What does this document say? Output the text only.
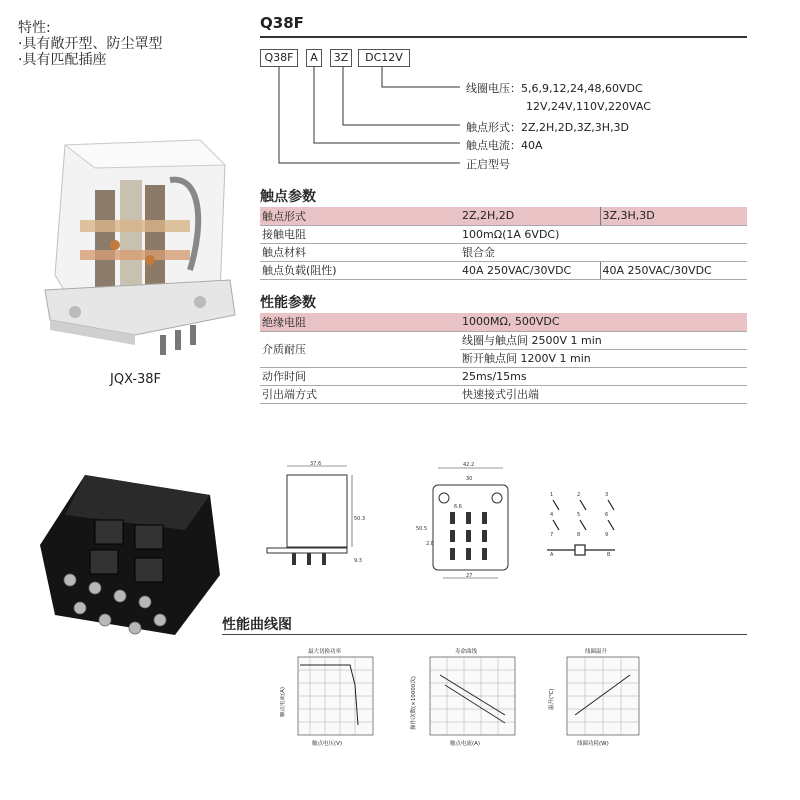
特性:
·具有敞开型、防尘罩型
·具有匹配插座
JQX-38F
Q38F
Q38F	A	3Z	DC12V
线圈电压：5,6,9,12,24,48,60VDC
12V,24V,110V,220VAC
触点形式：2Z,2H,2D,3Z,3H,3D
触点电流：40A
正启型号
触点参数
触点形式	2Z,2H,2D	3Z,3H,3D
接触电阻	100mΩ(1A 6VDC)	
触点材料	银合金	
触点负载(阻性)	40A 250VAC/30VDC	40A 250VAC/30VDC
性能参数
绝缘电阻	1000MΩ, 500VDC
介质耐压	线圈与触点间 2500V 1 min
	断开触点间 1200V 1 min
动作时间	25ms/15ms
引出端方式	快速接式引出端
37.6
50.3
9.3
42.2
30
6.6
2.8
50.5
27
1	2	3
4	5	6
7	8	9
A	B
性能曲线图
最大切换功率
触点电流(A)
触点电压(V)
寿命曲线
操作次数(×10000次)
触点电流(A)
线圈温升
温升(℃)
线圈功耗(W)
